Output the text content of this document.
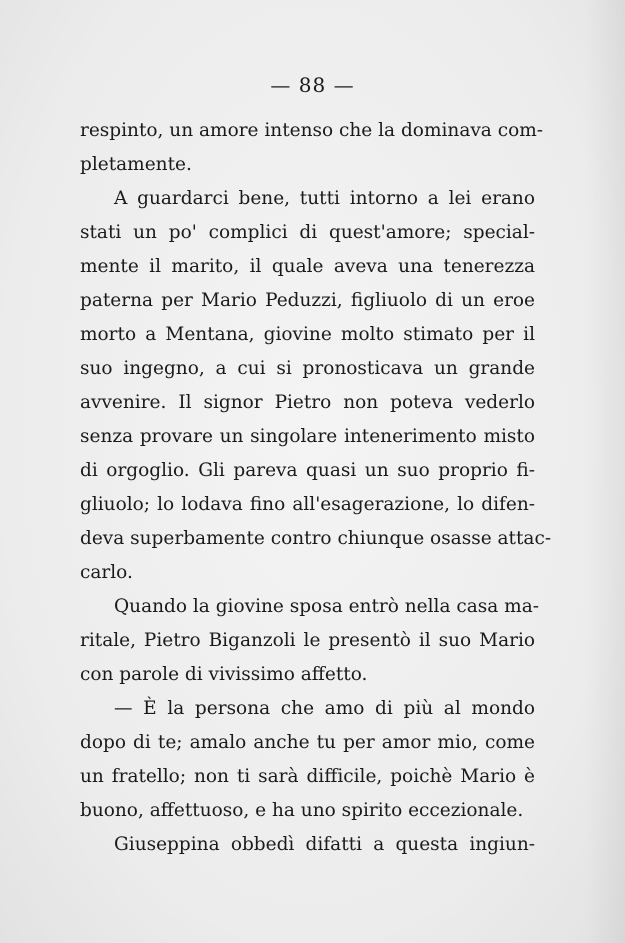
— 88 —
respinto, un amore intenso che la dominava com-
pletamente.
A guardarci bene, tutti intorno a lei erano
stati un po' complici di quest'amore; special-
mente il marito, il quale aveva una tenerezza
paterna per Mario Peduzzi, figliuolo di un eroe
morto a Mentana, giovine molto stimato per il
suo ingegno, a cui si pronosticava un grande
avvenire. Il signor Pietro non poteva vederlo
senza provare un singolare intenerimento misto
di orgoglio. Gli pareva quasi un suo proprio fi-
gliuolo; lo lodava fino all'esagerazione, lo difen-
deva superbamente contro chiunque osasse attac-
carlo.
Quando la giovine sposa entrò nella casa ma-
ritale, Pietro Biganzoli le presentò il suo Mario
con parole di vivissimo affetto.
— È la persona che amo di più al mondo
dopo di te; amalo anche tu per amor mio, come
un fratello; non ti sarà difficile, poichè Mario è
buono, affettuoso, e ha uno spirito eccezionale.
Giuseppina obbedì difatti a questa ingiun-
